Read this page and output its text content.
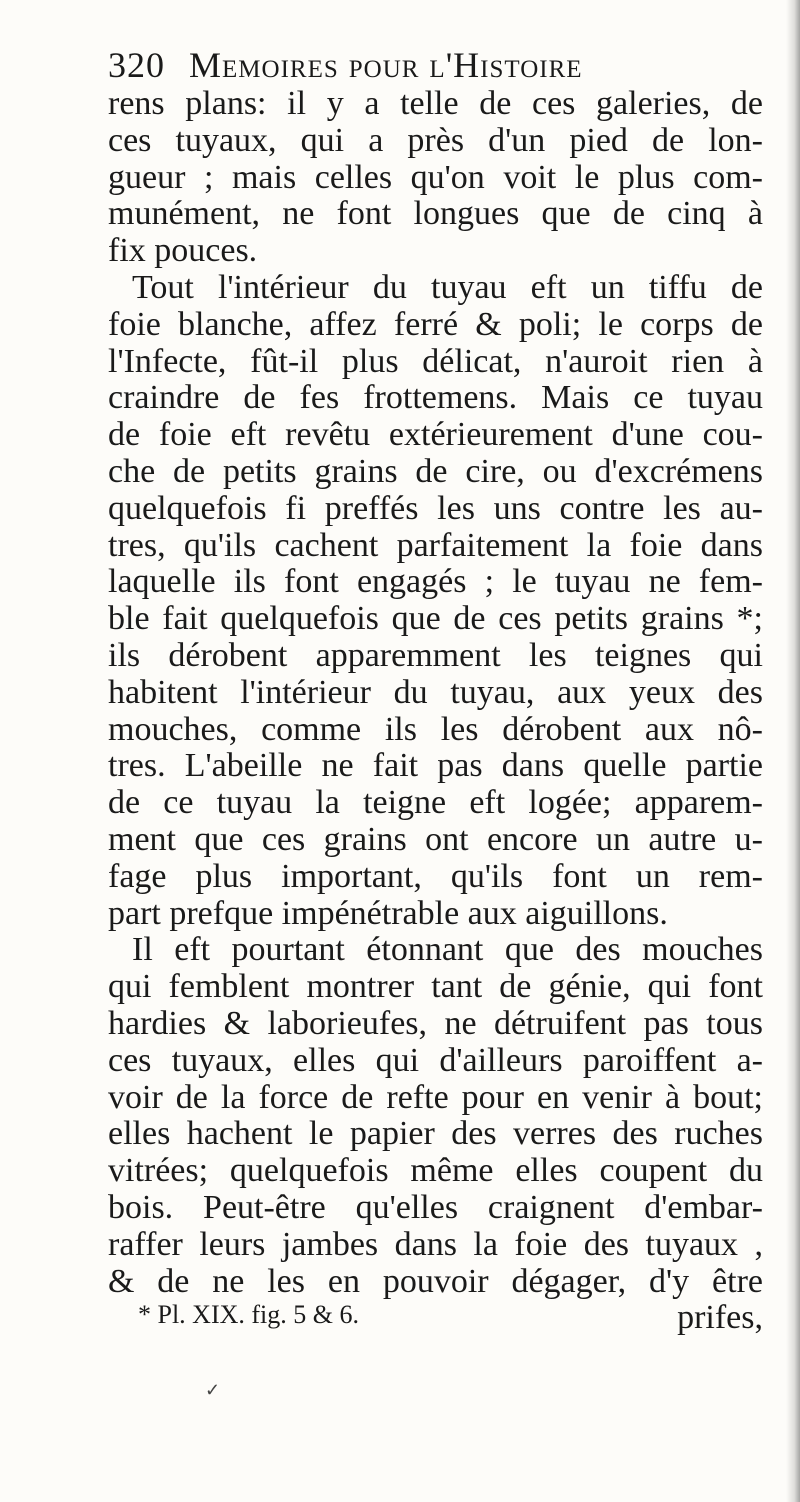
320 Memoires pour l'Histoire
rens plans: il y a telle de ces galeries, de
ces tuyaux, qui a près d'un pied de lon-
gueur ; mais celles qu'on voit le plus com-
munément, ne font longues que de cinq à
fix pouces.
Tout l'intérieur du tuyau eft un tiffu de
foie blanche, affez ferré & poli; le corps de
l'Infecte, fût-il plus délicat, n'auroit rien à
craindre de fes frottemens. Mais ce tuyau
de foie eft revêtu extérieurement d'une cou-
che de petits grains de cire, ou d'excrémens
quelquefois fi preffés les uns contre les au-
tres, qu'ils cachent parfaitement la foie dans
laquelle ils font engagés ; le tuyau ne fem-
ble fait quelquefois que de ces petits grains *;
ils dérobent apparemment les teignes qui
habitent l'intérieur du tuyau, aux yeux des
mouches, comme ils les dérobent aux nô-
tres. L'abeille ne fait pas dans quelle partie
de ce tuyau la teigne eft logée; apparem-
ment que ces grains ont encore un autre u-
fage plus important, qu'ils font un rem-
part prefque impénétrable aux aiguillons.
Il eft pourtant étonnant que des mouches
qui femblent montrer tant de génie, qui font
hardies & laborieufes, ne détruifent pas tous
ces tuyaux, elles qui d'ailleurs paroiffent a-
voir de la force de refte pour en venir à bout;
elles hachent le papier des verres des ruches
vitrées; quelquefois même elles coupent du
bois. Peut-être qu'elles craignent d'embar-
raffer leurs jambes dans la foie des tuyaux ,
& de ne les en pouvoir dégager, d'y être
prifes,
* Pl. XIX. fig. 5 & 6.
✓
